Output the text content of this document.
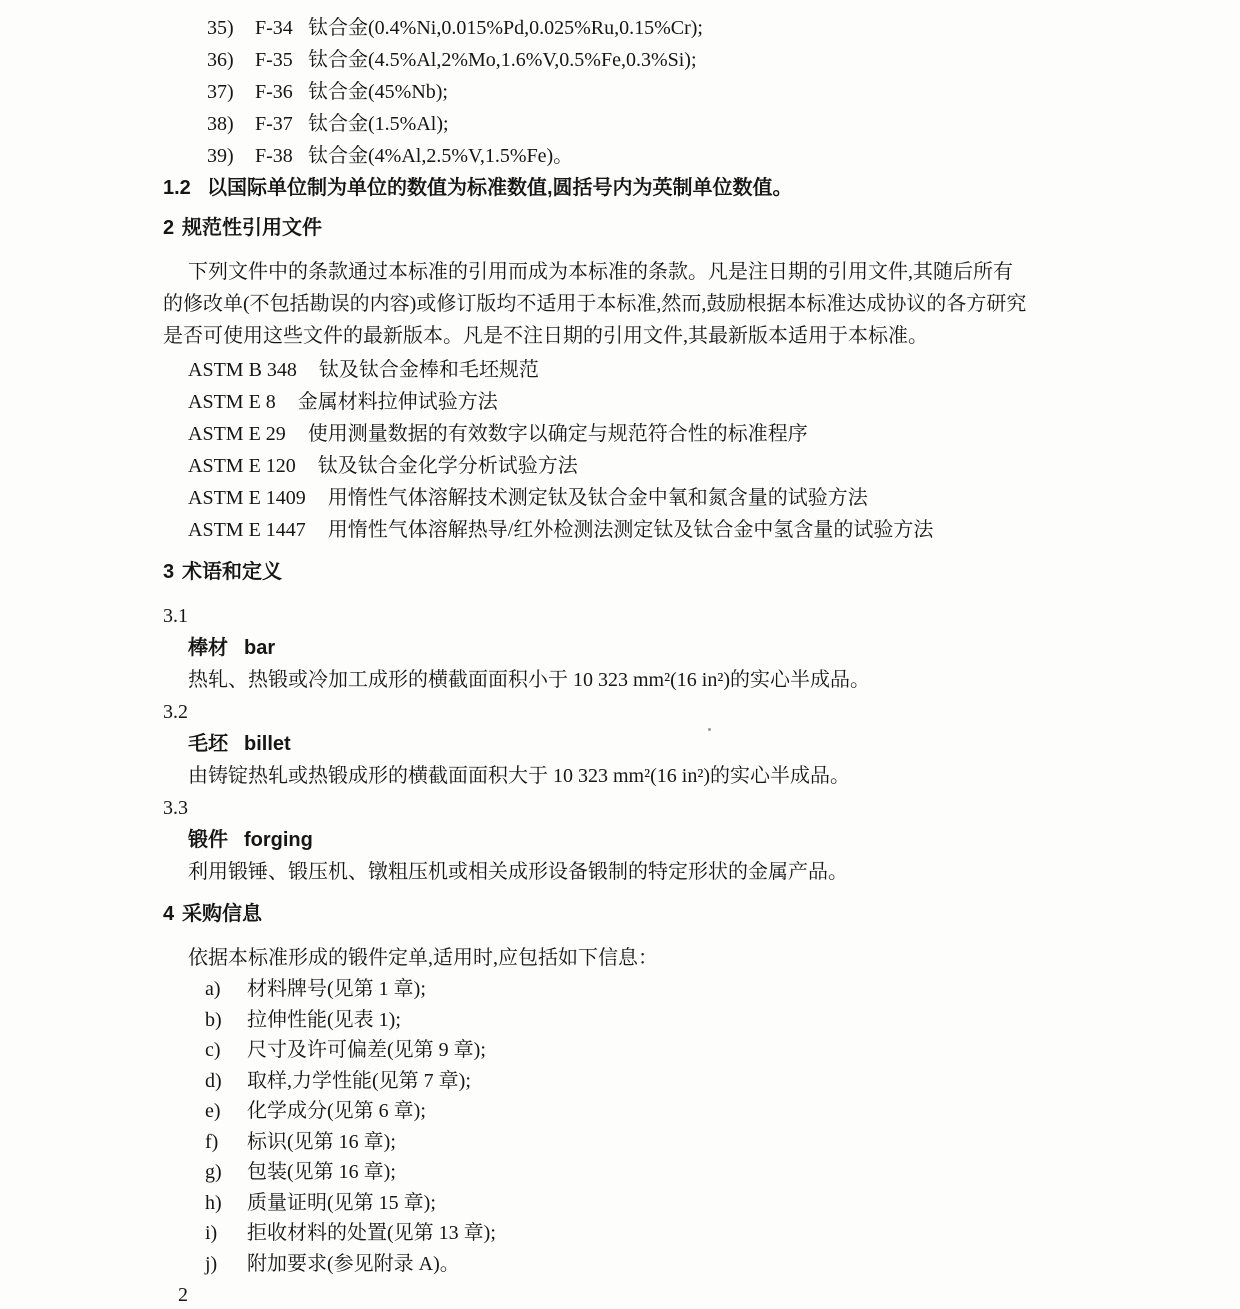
35)	F-34 钛合金(0.4%Ni,0.015%Pd,0.025%Ru,0.15%Cr);
36)	F-35 钛合金(4.5%Al,2%Mo,1.6%V,0.5%Fe,0.3%Si);
37)	F-36 钛合金(45%Nb);
38)	F-37 钛合金(1.5%Al);
39)	F-38 钛合金(4%Al,2.5%V,1.5%Fe)。
1.2 以国际单位制为单位的数值为标准数值,圆括号内为英制单位数值。
2 规范性引用文件

下列文件中的条款通过本标准的引用而成为本标准的条款。凡是注日期的引用文件,其随后所有

的修改单(不包括勘误的内容)或修订版均不适用于本标准,然而,鼓励根据本标准达成协议的各方研究

是否可使用这些文件的最新版本。凡是不注日期的引用文件,其最新版本适用于本标准。

ASTM B 348 钛及钛合金棒和毛坯规范
ASTM E 8 金属材料拉伸试验方法
ASTM E 29 使用测量数据的有效数字以确定与规范符合性的标准程序
ASTM E 120 钛及钛合金化学分析试验方法
ASTM E 1409 用惰性气体溶解技术测定钛及钛合金中氧和氮含量的试验方法
ASTM E 1447 用惰性气体溶解热导/红外检测法测定钛及钛合金中氢含量的试验方法
3 术语和定义
3.1
棒材 bar
热轧、热锻或冷加工成形的横截面面积小于 10 323 mm²(16 in²)的实心半成品。
3.2
毛坯 billet
由铸锭热轧或热锻成形的横截面面积大于 10 323 mm²(16 in²)的实心半成品。
3.3
锻件 forging
利用锻锤、锻压机、镦粗压机或相关成形设备锻制的特定形状的金属产品。
4 采购信息
依据本标准形成的锻件定单,适用时,应包括如下信息：
a)	材料牌号(见第 1 章);
b)	拉伸性能(见表 1);
c)	尺寸及许可偏差(见第 9 章);
d)	取样,力学性能(见第 7 章);
e)	化学成分(见第 6 章);
f)	标识(见第 16 章);
g)	包装(见第 16 章);
h)	质量证明(见第 15 章);
i)	拒收材料的处置(见第 13 章);
j)	附加要求(参见附录 A)。
2
